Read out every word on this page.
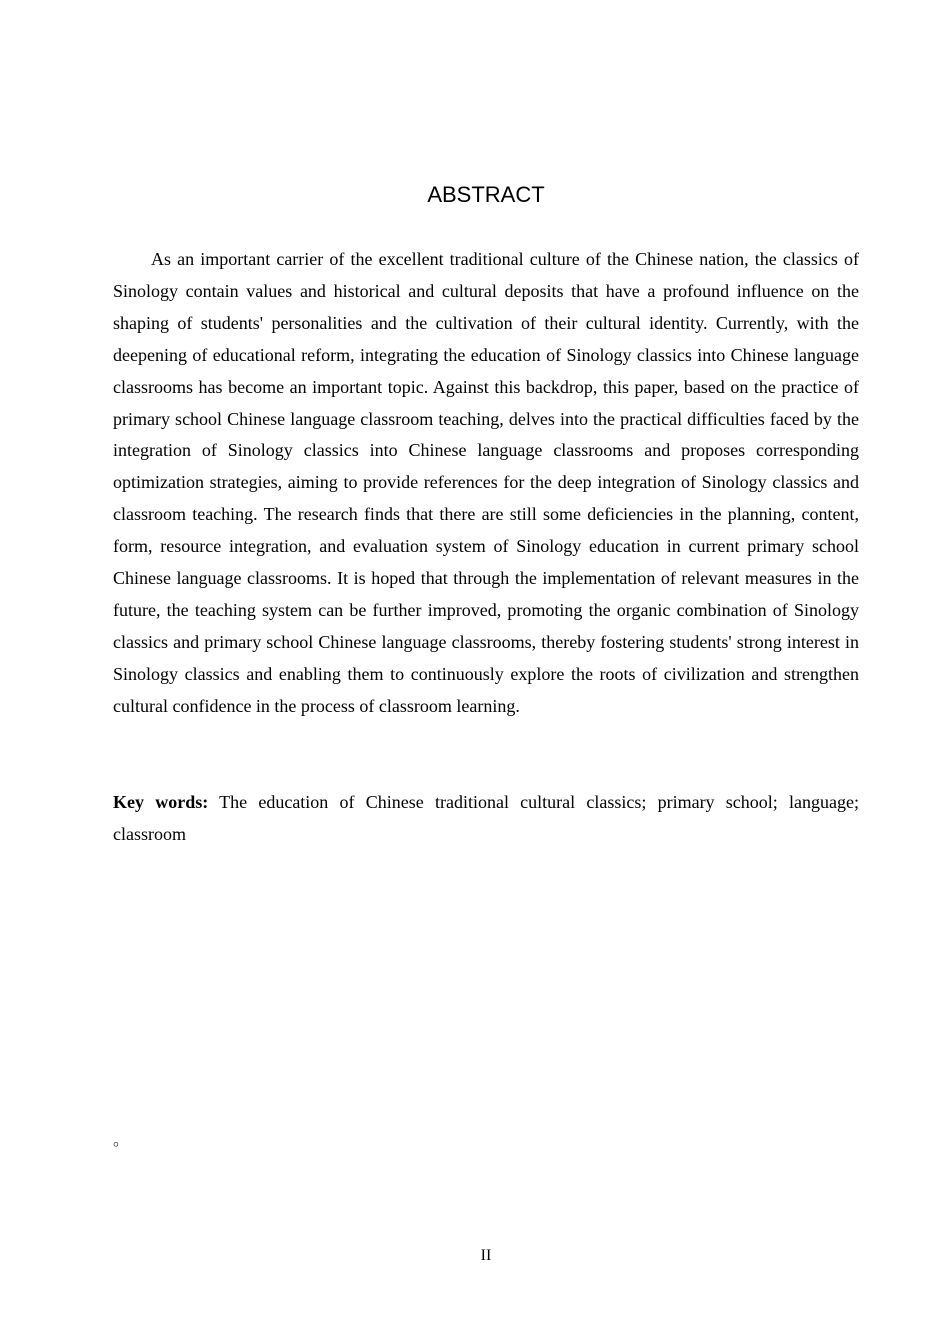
ABSTRACT

As an important carrier of the excellent traditional culture of the Chinese nation, the classics of Sinology contain values and historical and cultural deposits that have a profound influence on the shaping of students' personalities and the cultivation of their cultural identity. Currently, with the deepening of educational reform, integrating the education of Sinology classics into Chinese language classrooms has become an important topic. Against this backdrop, this paper, based on the practice of primary school Chinese language classroom teaching, delves into the practical difficulties faced by the integration of Sinology classics into Chinese language classrooms and proposes corresponding optimization strategies, aiming to provide references for the deep integration of Sinology classics and classroom teaching. The research finds that there are still some deficiencies in the planning, content, form, resource integration, and evaluation system of Sinology education in current primary school Chinese language classrooms. It is hoped that through the implementation of relevant measures in the future, the teaching system can be further improved, promoting the organic combination of Sinology classics and primary school Chinese language classrooms, thereby fostering students' strong interest in Sinology classics and enabling them to continuously explore the roots of civilization and strengthen cultural confidence in the process of classroom learning.

Key words: The education of Chinese traditional cultural classics; primary school; language; classroom

。
II
